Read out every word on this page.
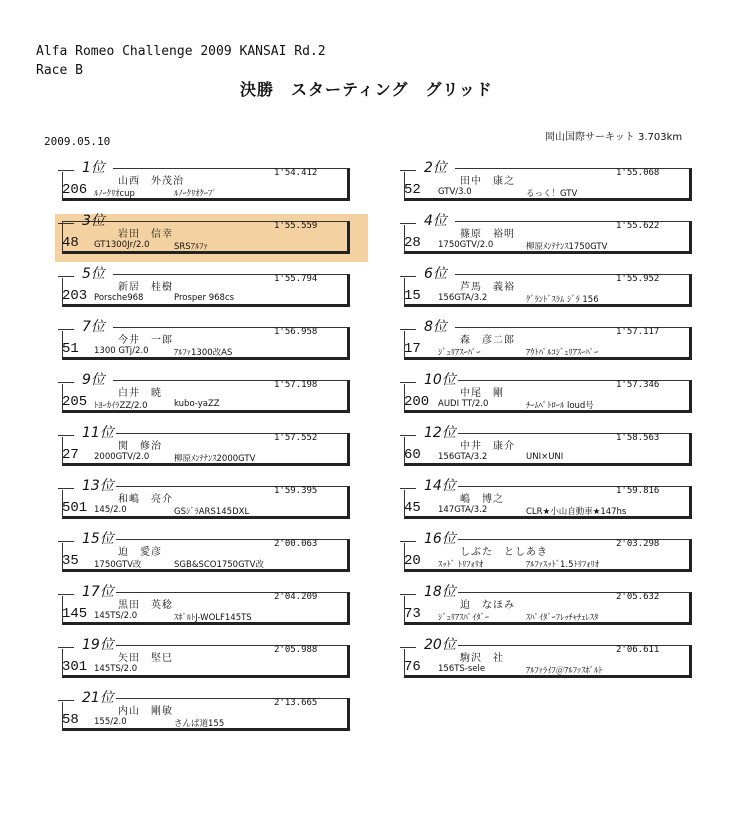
Alfa Romeo Challenge 2009 KANSAI Rd.2
Race B
決勝　スターティング　グリッド
2009.05.10	岡山国際サーキット 3.703km
1位
206
山西　外茂治
1'54.412
ﾙﾉｰｸﾘｵcup	ﾙﾉｰｸﾘｵｸｰﾌﾟ
2位
52
田中　康之
1'55.068
GTV/3.0	るっく！GTV
3位
48
岩田　信幸
1'55.559
GT1300Jr/2.0	SRSｱﾙﾌｧ
4位
28
篠原　裕明
1'55.622
1750GTV/2.0	柳原ﾒﾝﾃﾅﾝｽ1750GTV
5位
203
新居　桂樹
1'55.794
Porsche968	Prosper 968cs
6位
15
芦馬　義裕
1'55.952
156GTA/3.2	ｸﾞﾗﾝﾄﾞｽﾗﾑ ｼﾞﾗ 156
7位
51
今井　一郎
1'56.958
1300 GTj/2.0	ｱﾙﾌｧ1300改AS
8位
17
森　彦二郎
1'57.117
ｼﾞｭﾘｱｽｰﾊﾟｰ	ｱｳﾄﾊﾟﾙｺｼﾞｭﾘｱｽｰﾊﾟｰ
9位
205
白井　暁
1'57.198
ﾄﾖｰｶｲﾗZZ/2.0	kubo-yaZZ
10位
200
中尾　剛
1'57.346
AUDI TT/2.0	ﾁｰﾑﾍﾟﾄﾛｰﾙ loud号
11位
27
関　修治
1'57.552
2000GTV/2.0	柳原ﾒﾝﾃﾅﾝｽ2000GTV
12位
60
中井　康介
1'58.563
156GTA/3.2	UNI×UNI
13位
501
和嶋　亮介
1'59.395
145/2.0	GSｼﾞﾗARS145DXL
14位
45
嶋　博之
1'59.816
147GTA/3.2	CLR★小山自動車★147hs
15位
35
迫　愛彦
2'00.063
1750GTV改	SGB&SCO1750GTV改
16位
20
しぶた　としあき
2'03.298
ｽｯﾄﾞ ﾄﾘﾌｫﾘｵ	ｱﾙﾌｧｽｯﾄﾞ1.5ﾄﾘﾌｫﾘｵ
17位
145
黒田　英稔
2'04.209
145TS/2.0	ｽﾎﾟﾙﾄJ-WOLF145TS
18位
73
迫　なほみ
2'05.632
ｼﾞｭﾘｱｽﾊﾟｲﾀﾞｰ	ｽﾊﾟｲﾀﾞｰﾌﾚｯﾁｬﾁｪﾚｽﾀ
19位
301
矢田　堅巳
2'05.988
145TS/2.0
20位
76
駒沢　社
2'06.611
156TS-sele	ｱﾙﾌｧﾗｲﾌ＠ｱﾙﾌｧｽﾎﾟﾙﾄ
21位
58
内山　剛敏
2'13.665
155/2.0	さんぱ道155
